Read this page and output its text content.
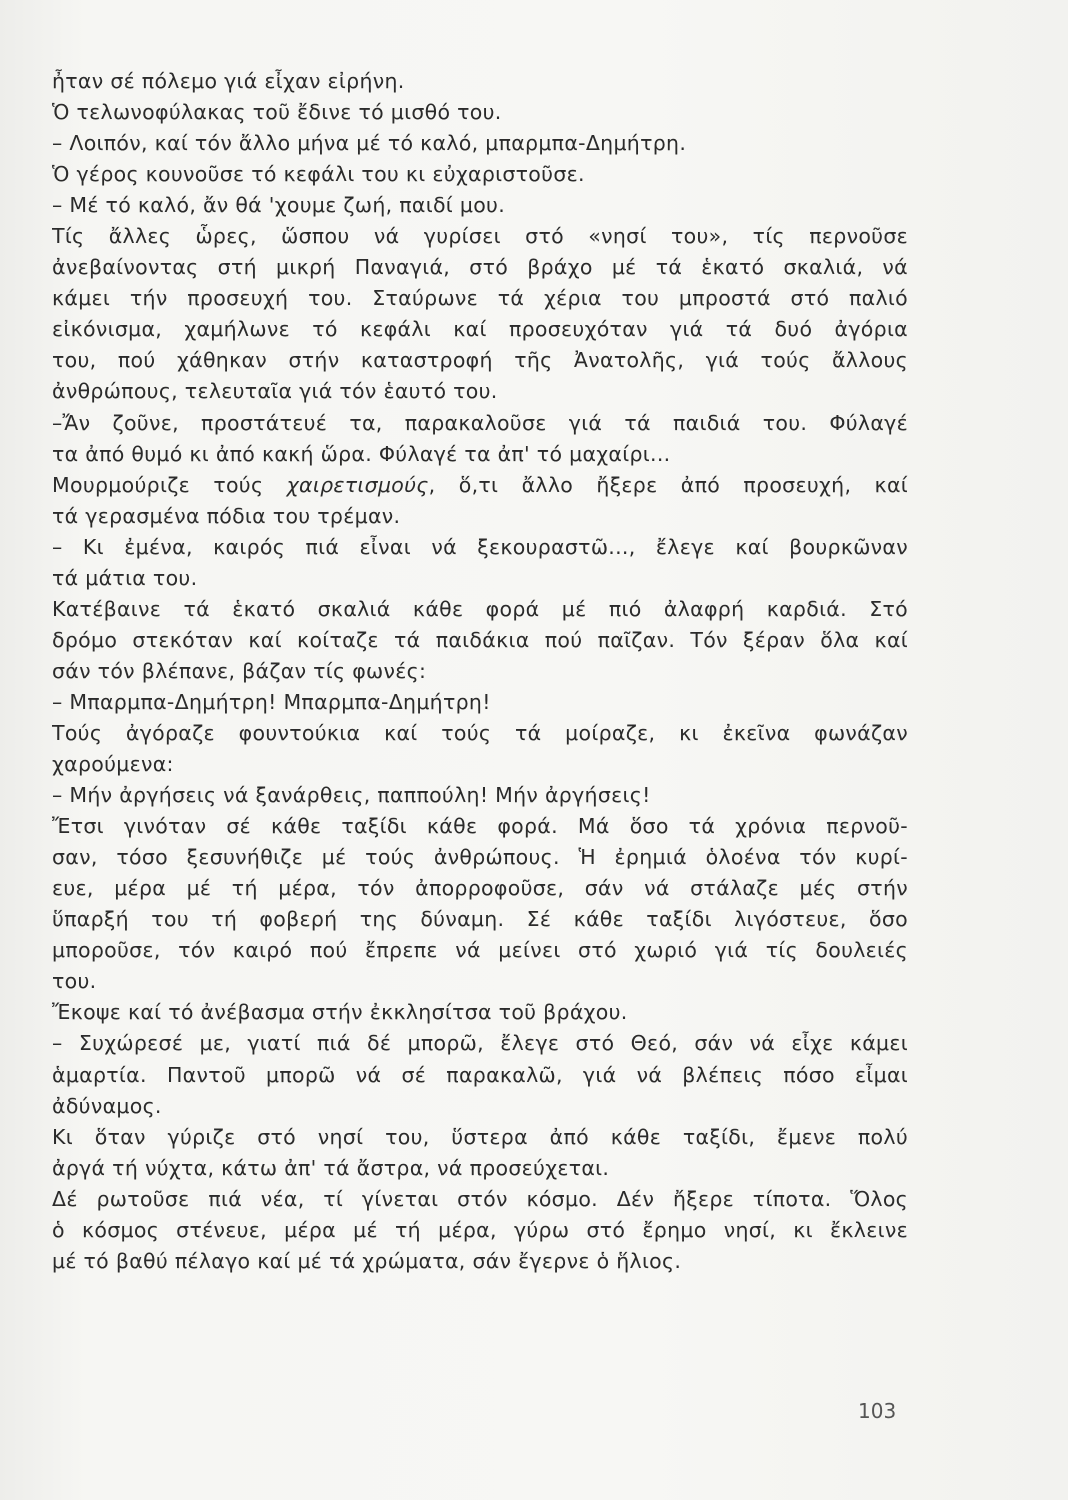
ἦταν σέ πόλεμο γιά εἶχαν εἰρήνη.
Ὁ τελωνοφύλακας τοῦ ἔδινε τό μισθό του.
– Λοιπόν, καί τόν ἄλλο μήνα μέ τό καλό, μπαρμπα-Δημήτρη.
Ὁ γέρος κουνοῦσε τό κεφάλι του κι εὐχαριστοῦσε.
– Μέ τό καλό, ἄν θά 'χουμε ζωή, παιδί μου.
Τίς ἄλλες ὧρες, ὥσπου νά γυρίσει στό «νησί του», τίς περνοῦσε
ἀνεβαίνοντας στή μικρή Παναγιά, στό βράχο μέ τά ἑκατό σκαλιά, νά
κάμει τήν προσευχή του. Σταύρωνε τά χέρια του μπροστά στό παλιό
εἰκόνισμα, χαμήλωνε τό κεφάλι καί προσευχόταν γιά τά δυό ἀγόρια
του, πού χάθηκαν στήν καταστροφή τῆς Ἀνατολῆς, γιά τούς ἄλλους
ἀνθρώπους, τελευταῖα γιά τόν ἑαυτό του.
–Ἄν ζοῦνε, προστάτευέ τα, παρακαλοῦσε γιά τά παιδιά του. Φύλαγέ
τα ἀπό θυμό κι ἀπό κακή ὥρα. Φύλαγέ τα ἀπ' τό μαχαίρι...
Μουρμούριζε τούς χαιρετισμούς, ὅ,τι ἄλλο ἤξερε ἀπό προσευχή, καί
τά γερασμένα πόδια του τρέμαν.
– Κι ἐμένα, καιρός πιά εἶναι νά ξεκουραστῶ..., ἔλεγε καί βουρκῶναν
τά μάτια του.
Κατέβαινε τά ἑκατό σκαλιά κάθε φορά μέ πιό ἀλαφρή καρδιά. Στό
δρόμο στεκόταν καί κοίταζε τά παιδάκια πού παῖζαν. Τόν ξέραν ὅλα καί
σάν τόν βλέπανε, βάζαν τίς φωνές:
– Μπαρμπα-Δημήτρη! Μπαρμπα-Δημήτρη!
Τούς ἀγόραζε φουντούκια καί τούς τά μοίραζε, κι ἐκεῖνα φωνάζαν
χαρούμενα:
– Μήν ἀργήσεις νά ξανάρθεις, παππούλη! Μήν ἀργήσεις!
Ἔτσι γινόταν σέ κάθε ταξίδι κάθε φορά. Μά ὅσο τά χρόνια περνοῦ-
σαν, τόσο ξεσυνήθιζε μέ τούς ἀνθρώπους. Ἡ ἐρημιά ὁλοένα τόν κυρί-
ευε, μέρα μέ τή μέρα, τόν ἀπορροφοῦσε, σάν νά στάλαζε μές στήν
ὕπαρξή του τή φοβερή της δύναμη. Σέ κάθε ταξίδι λιγόστευε, ὅσο
μποροῦσε, τόν καιρό πού ἔπρεπε νά μείνει στό χωριό γιά τίς δουλειές
του.
Ἔκοψε καί τό ἀνέβασμα στήν ἐκκλησίτσα τοῦ βράχου.
– Συχώρεσέ με, γιατί πιά δέ μπορῶ, ἔλεγε στό Θεό, σάν νά εἶχε κάμει
ἁμαρτία. Παντοῦ μπορῶ νά σέ παρακαλῶ, γιά νά βλέπεις πόσο εἶμαι
ἀδύναμος.
Κι ὅταν γύριζε στό νησί του, ὕστερα ἀπό κάθε ταξίδι, ἔμενε πολύ
ἀργά τή νύχτα, κάτω ἀπ' τά ἄστρα, νά προσεύχεται.
Δέ ρωτοῦσε πιά νέα, τί γίνεται στόν κόσμο. Δέν ἤξερε τίποτα. Ὅλος
ὁ κόσμος στένευε, μέρα μέ τή μέρα, γύρω στό ἔρημο νησί, κι ἔκλεινε
μέ τό βαθύ πέλαγο καί μέ τά χρώματα, σάν ἔγερνε ὁ ἥλιος.
103
